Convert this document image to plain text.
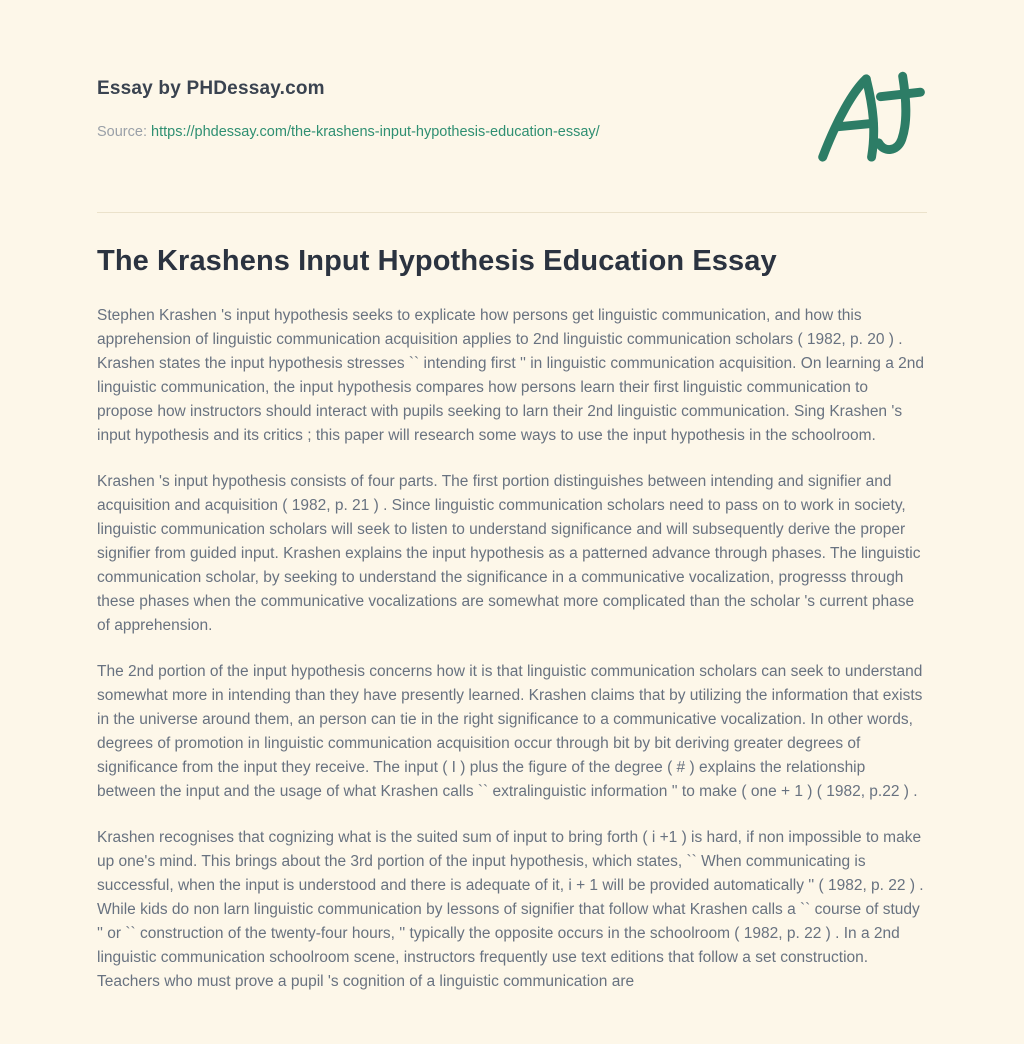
Essay by PHDessay.com

Source: https://phdessay.com/the-krashens-input-hypothesis-education-essay/

The Krashens Input Hypothesis Education Essay

Stephen Krashen 's input hypothesis seeks to explicate how persons get linguistic communication, and how this apprehension of linguistic communication acquisition applies to 2nd linguistic communication scholars ( 1982, p. 20 ) . Krashen states the input hypothesis stresses `` intending first '' in linguistic communication acquisition. On learning a 2nd linguistic communication, the input hypothesis compares how persons learn their first linguistic communication to propose how instructors should interact with pupils seeking to larn their 2nd linguistic communication. Sing Krashen 's input hypothesis and its critics ; this paper will research some ways to use the input hypothesis in the schoolroom.

Krashen 's input hypothesis consists of four parts. The first portion distinguishes between intending and signifier and acquisition and acquisition ( 1982, p. 21 ) . Since linguistic communication scholars need to pass on to work in society, linguistic communication scholars will seek to listen to understand significance and will subsequently derive the proper signifier from guided input. Krashen explains the input hypothesis as a patterned advance through phases. The linguistic communication scholar, by seeking to understand the significance in a communicative vocalization, progresss through these phases when the communicative vocalizations are somewhat more complicated than the scholar 's current phase of apprehension.

The 2nd portion of the input hypothesis concerns how it is that linguistic communication scholars can seek to understand somewhat more in intending than they have presently learned. Krashen claims that by utilizing the information that exists in the universe around them, an person can tie in the right significance to a communicative vocalization. In other words, degrees of promotion in linguistic communication acquisition occur through bit by bit deriving greater degrees of significance from the input they receive. The input ( I ) plus the figure of the degree ( # ) explains the relationship between the input and the usage of what Krashen calls `` extralinguistic information '' to make ( one + 1 ) ( 1982, p.22 ) .

Krashen recognises that cognizing what is the suited sum of input to bring forth ( i +1 ) is hard, if non impossible to make up one's mind. This brings about the 3rd portion of the input hypothesis, which states, `` When communicating is successful, when the input is understood and there is adequate of it, i + 1 will be provided automatically '' ( 1982, p. 22 ) . While kids do non larn linguistic communication by lessons of signifier that follow what Krashen calls a `` course of study '' or `` construction of the twenty-four hours, '' typically the opposite occurs in the schoolroom ( 1982, p. 22 ) . In a 2nd linguistic communication schoolroom scene, instructors frequently use text editions that follow a set construction. Teachers who must prove a pupil 's cognition of a linguistic communication are
